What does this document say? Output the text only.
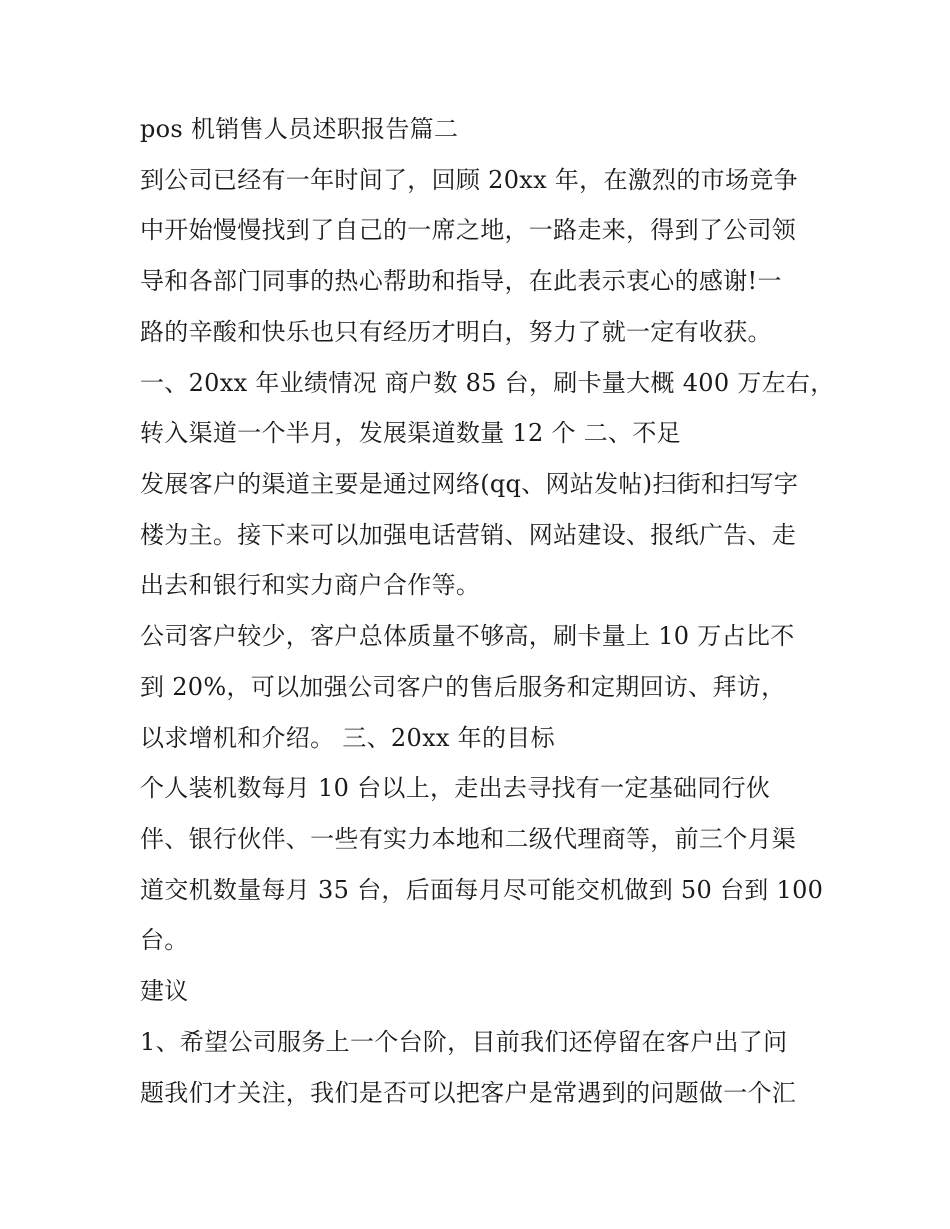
pos 机销售人员述职报告篇二
到公司已经有一年时间了，回顾 20xx 年，在激烈的市场竞争
中开始慢慢找到了自己的一席之地，一路走来，得到了公司领
导和各部门同事的热心帮助和指导，在此表示衷心的感谢!一
路的辛酸和快乐也只有经历才明白，努力了就一定有收获。
一、20xx 年业绩情况 商户数 85 台，刷卡量大概 400 万左右，
转入渠道一个半月，发展渠道数量 12 个 二、不足
发展客户的渠道主要是通过网络(qq、网站发帖)扫街和扫写字
楼为主。接下来可以加强电话营销、网站建设、报纸广告、走
出去和银行和实力商户合作等。
公司客户较少，客户总体质量不够高，刷卡量上 10 万占比不
到 20%，可以加强公司客户的售后服务和定期回访、拜访，
以求增机和介绍。 三、20xx 年的目标
个人装机数每月 10 台以上，走出去寻找有一定基础同行伙
伴、银行伙伴、一些有实力本地和二级代理商等，前三个月渠
道交机数量每月 35 台，后面每月尽可能交机做到 50 台到 100
台。
建议
1、希望公司服务上一个台阶，目前我们还停留在客户出了问
题我们才关注，我们是否可以把客户是常遇到的问题做一个汇
